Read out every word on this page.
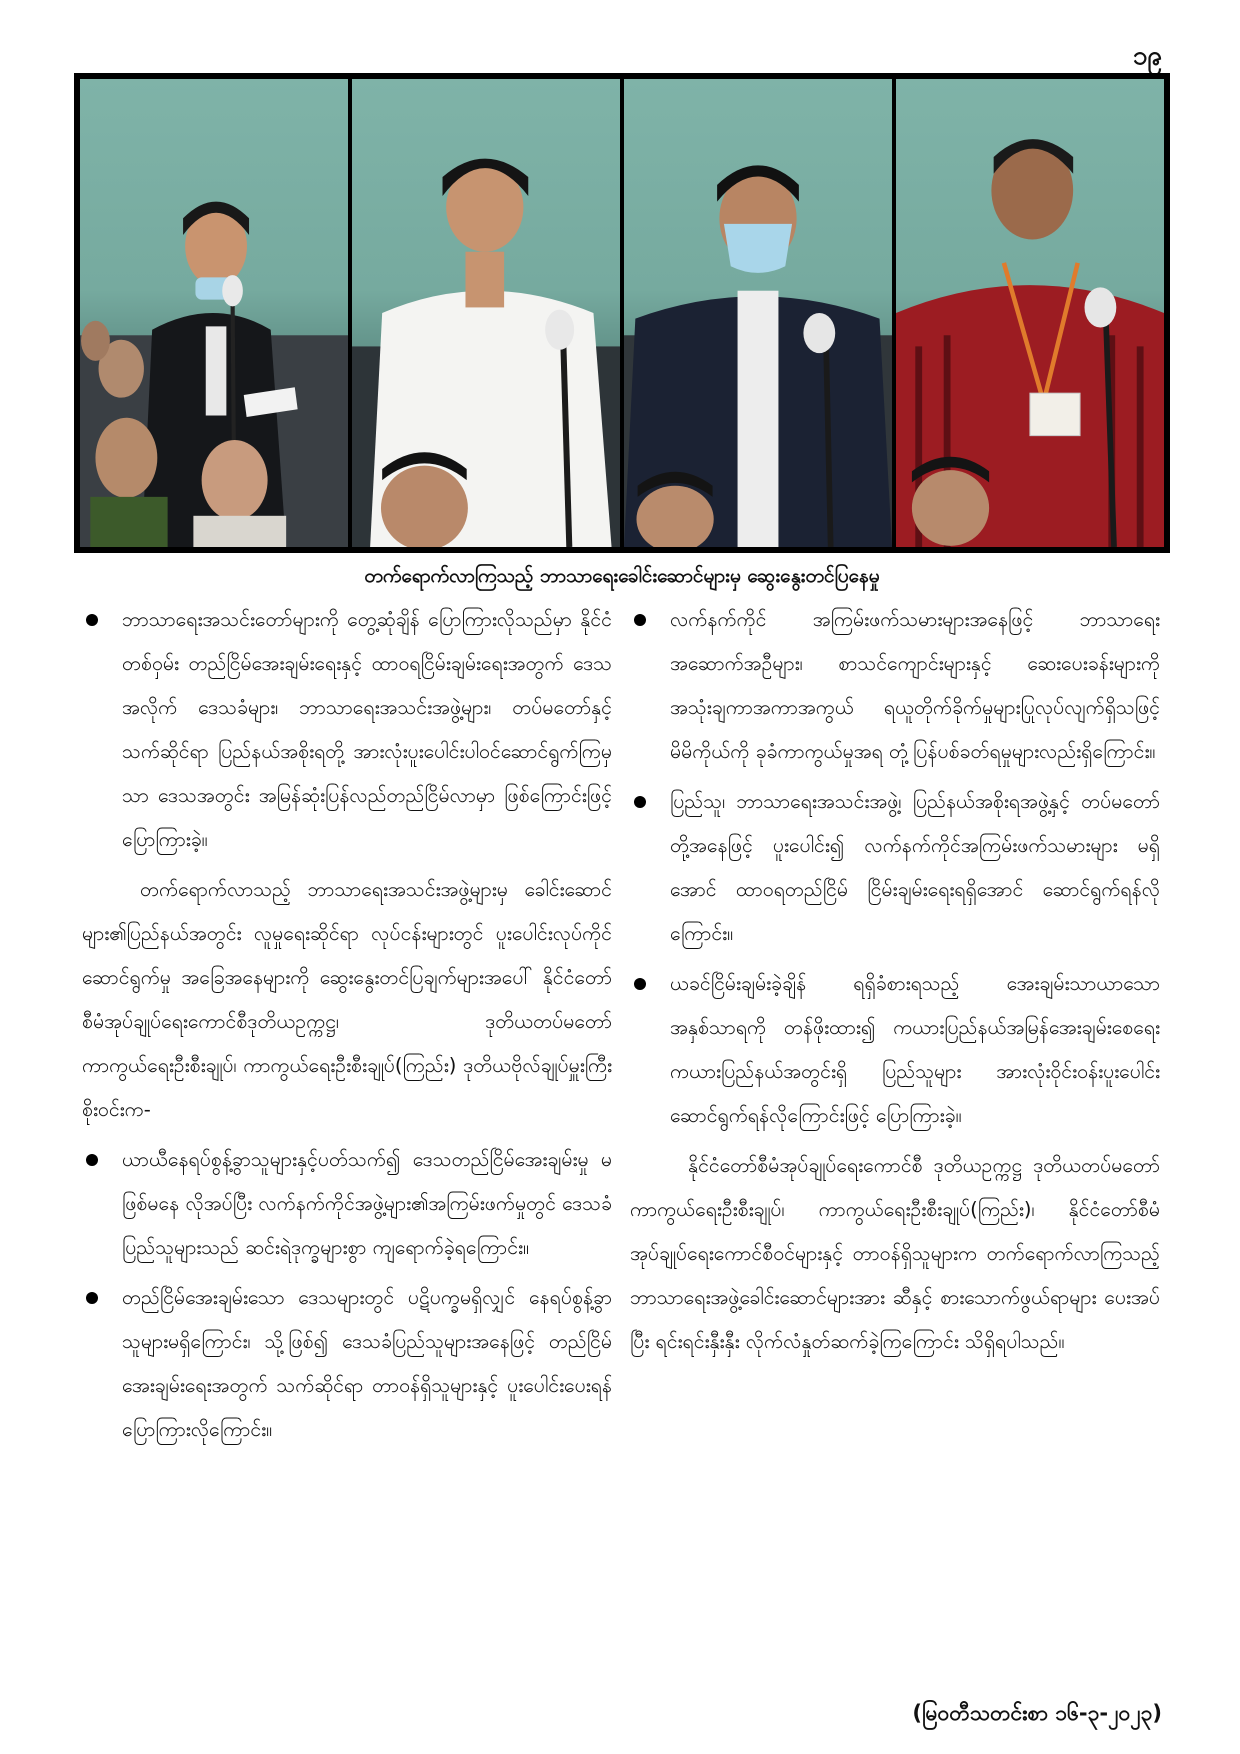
၁၉
တက်ရောက်လာကြသည့် ဘာသာရေးခေါင်းဆောင်များမှ ဆွေးနွေးတင်ပြနေမှု
ဘာသာရေးအသင်းတော်များကို တွေ့ဆုံချိန် ပြောကြားလိုသည်မှာ နိုင်ငံတစ်ဝှမ်း တည်ငြိမ်အေးချမ်းရေးနှင့် ထာဝရငြိမ်းချမ်းရေးအတွက် ဒေသအလိုက် ဒေသခံများ၊ ဘာသာရေးအသင်းအဖွဲ့များ၊ တပ်မတော်နှင့် သက်ဆိုင်ရာ ပြည်နယ်အစိုးရတို့ အားလုံးပူးပေါင်းပါဝင်ဆောင်ရွက်ကြမှသာ ဒေသအတွင်း အမြန်ဆုံးပြန်လည်တည်ငြိမ်လာမှာ ဖြစ်ကြောင်းဖြင့် ပြောကြားခဲ့။

တက်ရောက်လာသည့် ဘာသာရေးအသင်းအဖွဲ့များမှ ခေါင်းဆောင်များ၏ပြည်နယ်အတွင်း လူမှုရေးဆိုင်ရာ လုပ်ငန်းများတွင် ပူးပေါင်းလုပ်ကိုင်ဆောင်ရွက်မှု အခြေအနေများကို ဆွေးနွေးတင်ပြချက်များအပေါ် နိုင်ငံတော်စီမံအုပ်ချုပ်ရေးကောင်စီဒုတိယဥက္ကဋ္ဌ၊ ဒုတိယတပ်မတော်ကာကွယ်ရေးဦးစီးချုပ်၊ ကာကွယ်ရေးဦးစီးချုပ်(ကြည်း) ဒုတိယဗိုလ်ချုပ်မှူးကြီး စိုးဝင်းက-

ယာယီနေရပ်စွန့်ခွာသူများနှင့်ပတ်သက်၍ ဒေသတည်ငြိမ်အေးချမ်းမှု မဖြစ်မနေ လိုအပ်ပြီး လက်နက်ကိုင်အဖွဲ့များ၏အကြမ်းဖက်မှုတွင် ဒေသခံပြည်သူများသည် ဆင်းရဲဒုက္ခများစွာ ကျရောက်ခဲ့ရကြောင်း။
တည်ငြိမ်အေးချမ်းသော ဒေသများတွင် ပဋိပက္ခမရှိလျှင် နေရပ်စွန့်ခွာသူများမရှိကြောင်း၊ သို့ဖြစ်၍ ဒေသခံပြည်သူများအနေဖြင့် တည်ငြိမ်အေးချမ်းရေးအတွက် သက်ဆိုင်ရာ တာဝန်ရှိသူများနှင့် ပူးပေါင်းပေးရန် ပြောကြားလိုကြောင်း။
လက်နက်ကိုင် အကြမ်းဖက်သမားများအနေဖြင့် ဘာသာရေးအဆောက်အဦများ၊ စာသင်ကျောင်းများနှင့် ဆေးပေးခန်းများကို အသုံးချကာအကာအကွယ် ရယူတိုက်ခိုက်မှုများပြုလုပ်လျက်ရှိသဖြင့် မိမိကိုယ်ကို ခုခံကာကွယ်မှုအရ တုံ့ပြန်ပစ်ခတ်ရမှုများလည်းရှိကြောင်း။
ပြည်သူ၊ ဘာသာရေးအသင်းအဖွဲ့၊ ပြည်နယ်အစိုးရအဖွဲ့နှင့် တပ်မတော်တို့အနေဖြင့် ပူးပေါင်း၍ လက်နက်ကိုင်အကြမ်းဖက်သမားများ မရှိအောင် ထာဝရတည်ငြိမ် ငြိမ်းချမ်းရေးရရှိအောင် ဆောင်ရွက်ရန်လိုကြောင်း။
ယခင်ငြိမ်းချမ်းခဲ့ချိန် ရရှိခံစားရသည့် အေးချမ်းသာယာသော အနှစ်သာရကို တန်ဖိုးထား၍ ကယားပြည်နယ်အမြန်အေးချမ်းစေရေး ကယားပြည်နယ်အတွင်းရှိ ပြည်သူများ အားလုံးဝိုင်းဝန်းပူးပေါင်းဆောင်ရွက်ရန်လိုကြောင်းဖြင့် ပြောကြားခဲ့။

နိုင်ငံတော်စီမံအုပ်ချုပ်ရေးကောင်စီ ဒုတိယဥက္ကဋ္ဌ ဒုတိယတပ်မတော်ကာကွယ်ရေးဦးစီးချုပ်၊ ကာကွယ်ရေးဦးစီးချုပ်(ကြည်း)၊ နိုင်ငံတော်စီမံအုပ်ချုပ်ရေးကောင်စီဝင်များနှင့် တာဝန်ရှိသူများက တက်ရောက်လာကြသည့် ဘာသာရေးအဖွဲ့ခေါင်းဆောင်များအား ဆီနှင့် စားသောက်ဖွယ်ရာများ ပေးအပ်ပြီး ရင်းရင်းနှီးနှီး လိုက်လံနှုတ်ဆက်ခဲ့ကြကြောင်း သိရှိရပါသည်။

(မြဝတီသတင်းစာ ၁၆-၃-၂၀၂၃)
